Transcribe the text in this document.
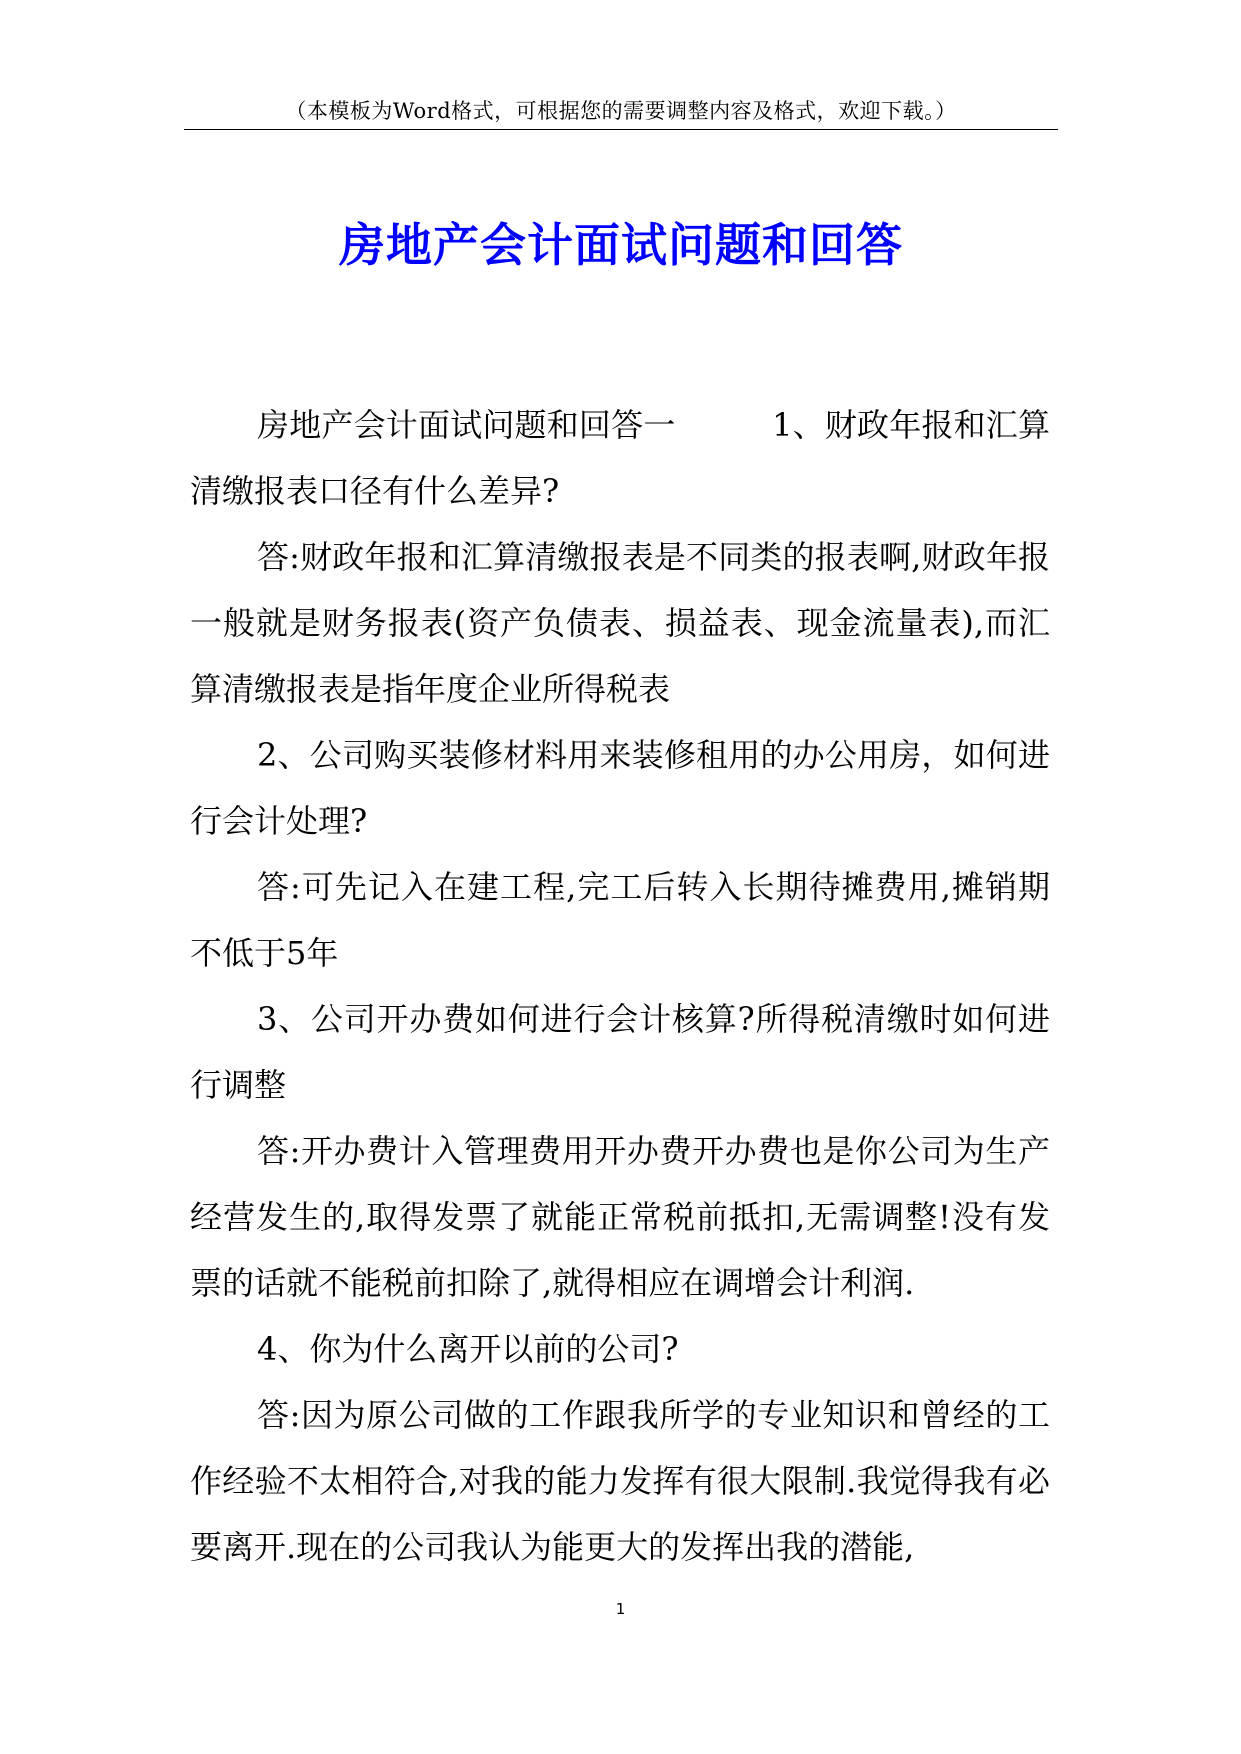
（本模板为Word格式，可根据您的需要调整内容及格式，欢迎下载。）
房地产会计面试问题和回答

房地产会计面试问题和回答一　　　1、财政年报和汇算清缴报表口径有什么差异?

答:财政年报和汇算清缴报表是不同类的报表啊,财政年报一般就是财务报表(资产负债表、损益表、现金流量表),而汇算清缴报表是指年度企业所得税表

2、公司购买装修材料用来装修租用的办公用房，如何进行会计处理?

答:可先记入在建工程,完工后转入长期待摊费用,摊销期不低于5年

3、公司开办费如何进行会计核算?所得税清缴时如何进行调整

答:开办费计入管理费用开办费开办费也是你公司为生产经营发生的,取得发票了就能正常税前抵扣,无需调整!没有发票的话就不能税前扣除了,就得相应在调增会计利润.

4、你为什么离开以前的公司?

答:因为原公司做的工作跟我所学的专业知识和曾经的工作经验不太相符合,对我的能力发挥有很大限制.我觉得我有必要离开.现在的公司我认为能更大的发挥出我的潜能,

1
